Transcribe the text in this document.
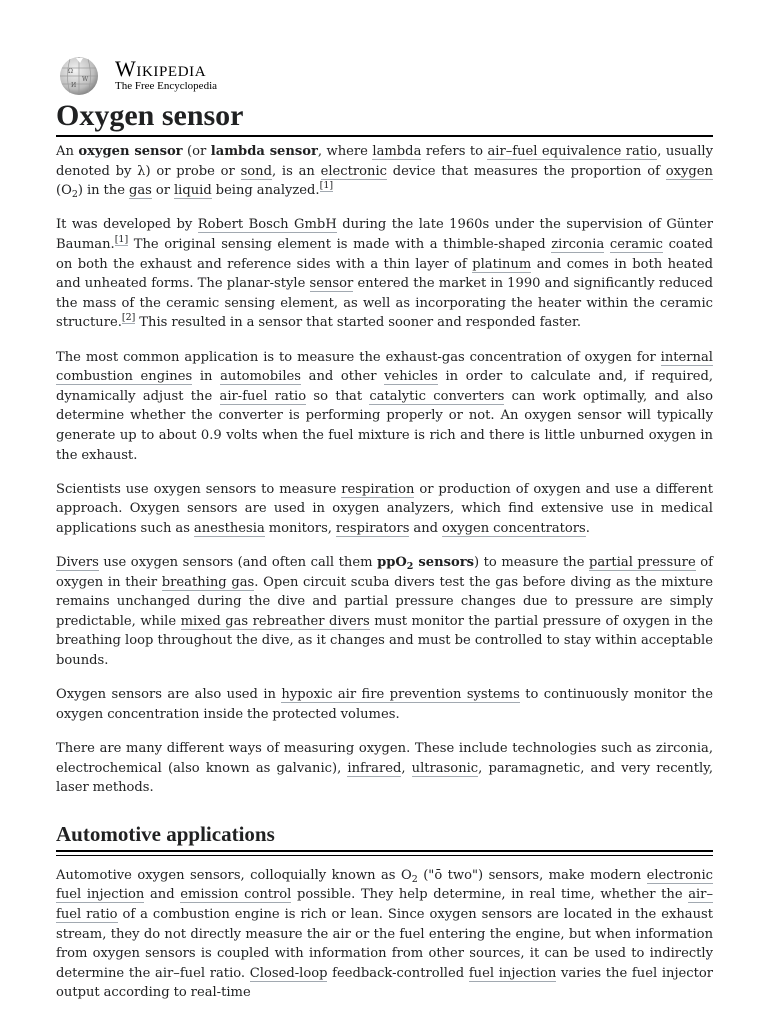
Ω
W
И
Wikipedia
The Free Encyclopedia
Oxygen sensor

An oxygen sensor (or lambda sensor, where lambda refers to air–fuel equivalence ratio, usually denoted by λ) or probe or sond, is an electronic device that measures the proportion of oxygen $(O_2)$ in the gas or liquid being analyzed.[1]

It was developed by Robert Bosch GmbH during the late 1960s under the supervision of Günter Bauman.[1] The original sensing element is made with a thimble-shaped zirconia ceramic coated on both the exhaust and reference sides with a thin layer of platinum and comes in both heated and unheated forms. The planar-style sensor entered the market in 1990 and significantly reduced the mass of the ceramic sensing element, as well as incorporating the heater within the ceramic structure.[2] This resulted in a sensor that started sooner and responded faster.

The most common application is to measure the exhaust-gas concentration of oxygen for internal combustion engines in automobiles and other vehicles in order to calculate and, if required, dynamically adjust the air-fuel ratio so that catalytic converters can work optimally, and also determine whether the converter is performing properly or not. An oxygen sensor will typically generate up to about 0.9 volts when the fuel mixture is rich and there is little unburned oxygen in the exhaust.

Scientists use oxygen sensors to measure respiration or production of oxygen and use a different approach. Oxygen sensors are used in oxygen analyzers, which find extensive use in medical applications such as anesthesia monitors, respirators and oxygen concentrators.

Divers use oxygen sensors (and often call them ppO$_2$ sensors) to measure the partial pressure of oxygen in their breathing gas. Open circuit scuba divers test the gas before diving as the mixture remains unchanged during the dive and partial pressure changes due to pressure are simply predictable, while mixed gas rebreather divers must monitor the partial pressure of oxygen in the breathing loop throughout the dive, as it changes and must be controlled to stay within acceptable bounds.

Oxygen sensors are also used in hypoxic air fire prevention systems to continuously monitor the oxygen concentration inside the protected volumes.

There are many different ways of measuring oxygen. These include technologies such as zirconia, electrochemical (also known as galvanic), infrared, ultrasonic, paramagnetic, and very recently, laser methods.

Automotive applications

Automotive oxygen sensors, colloquially known as $O_2$ ("ō two") sensors, make modern electronic fuel injection and emission control possible. They help determine, in real time, whether the air–fuel ratio of a combustion engine is rich or lean. Since oxygen sensors are located in the exhaust stream, they do not directly measure the air or the fuel entering the engine, but when information from oxygen sensors is coupled with information from other sources, it can be used to indirectly determine the air–fuel ratio. Closed-loop feedback-controlled fuel injection varies the fuel injector output according to real-time
